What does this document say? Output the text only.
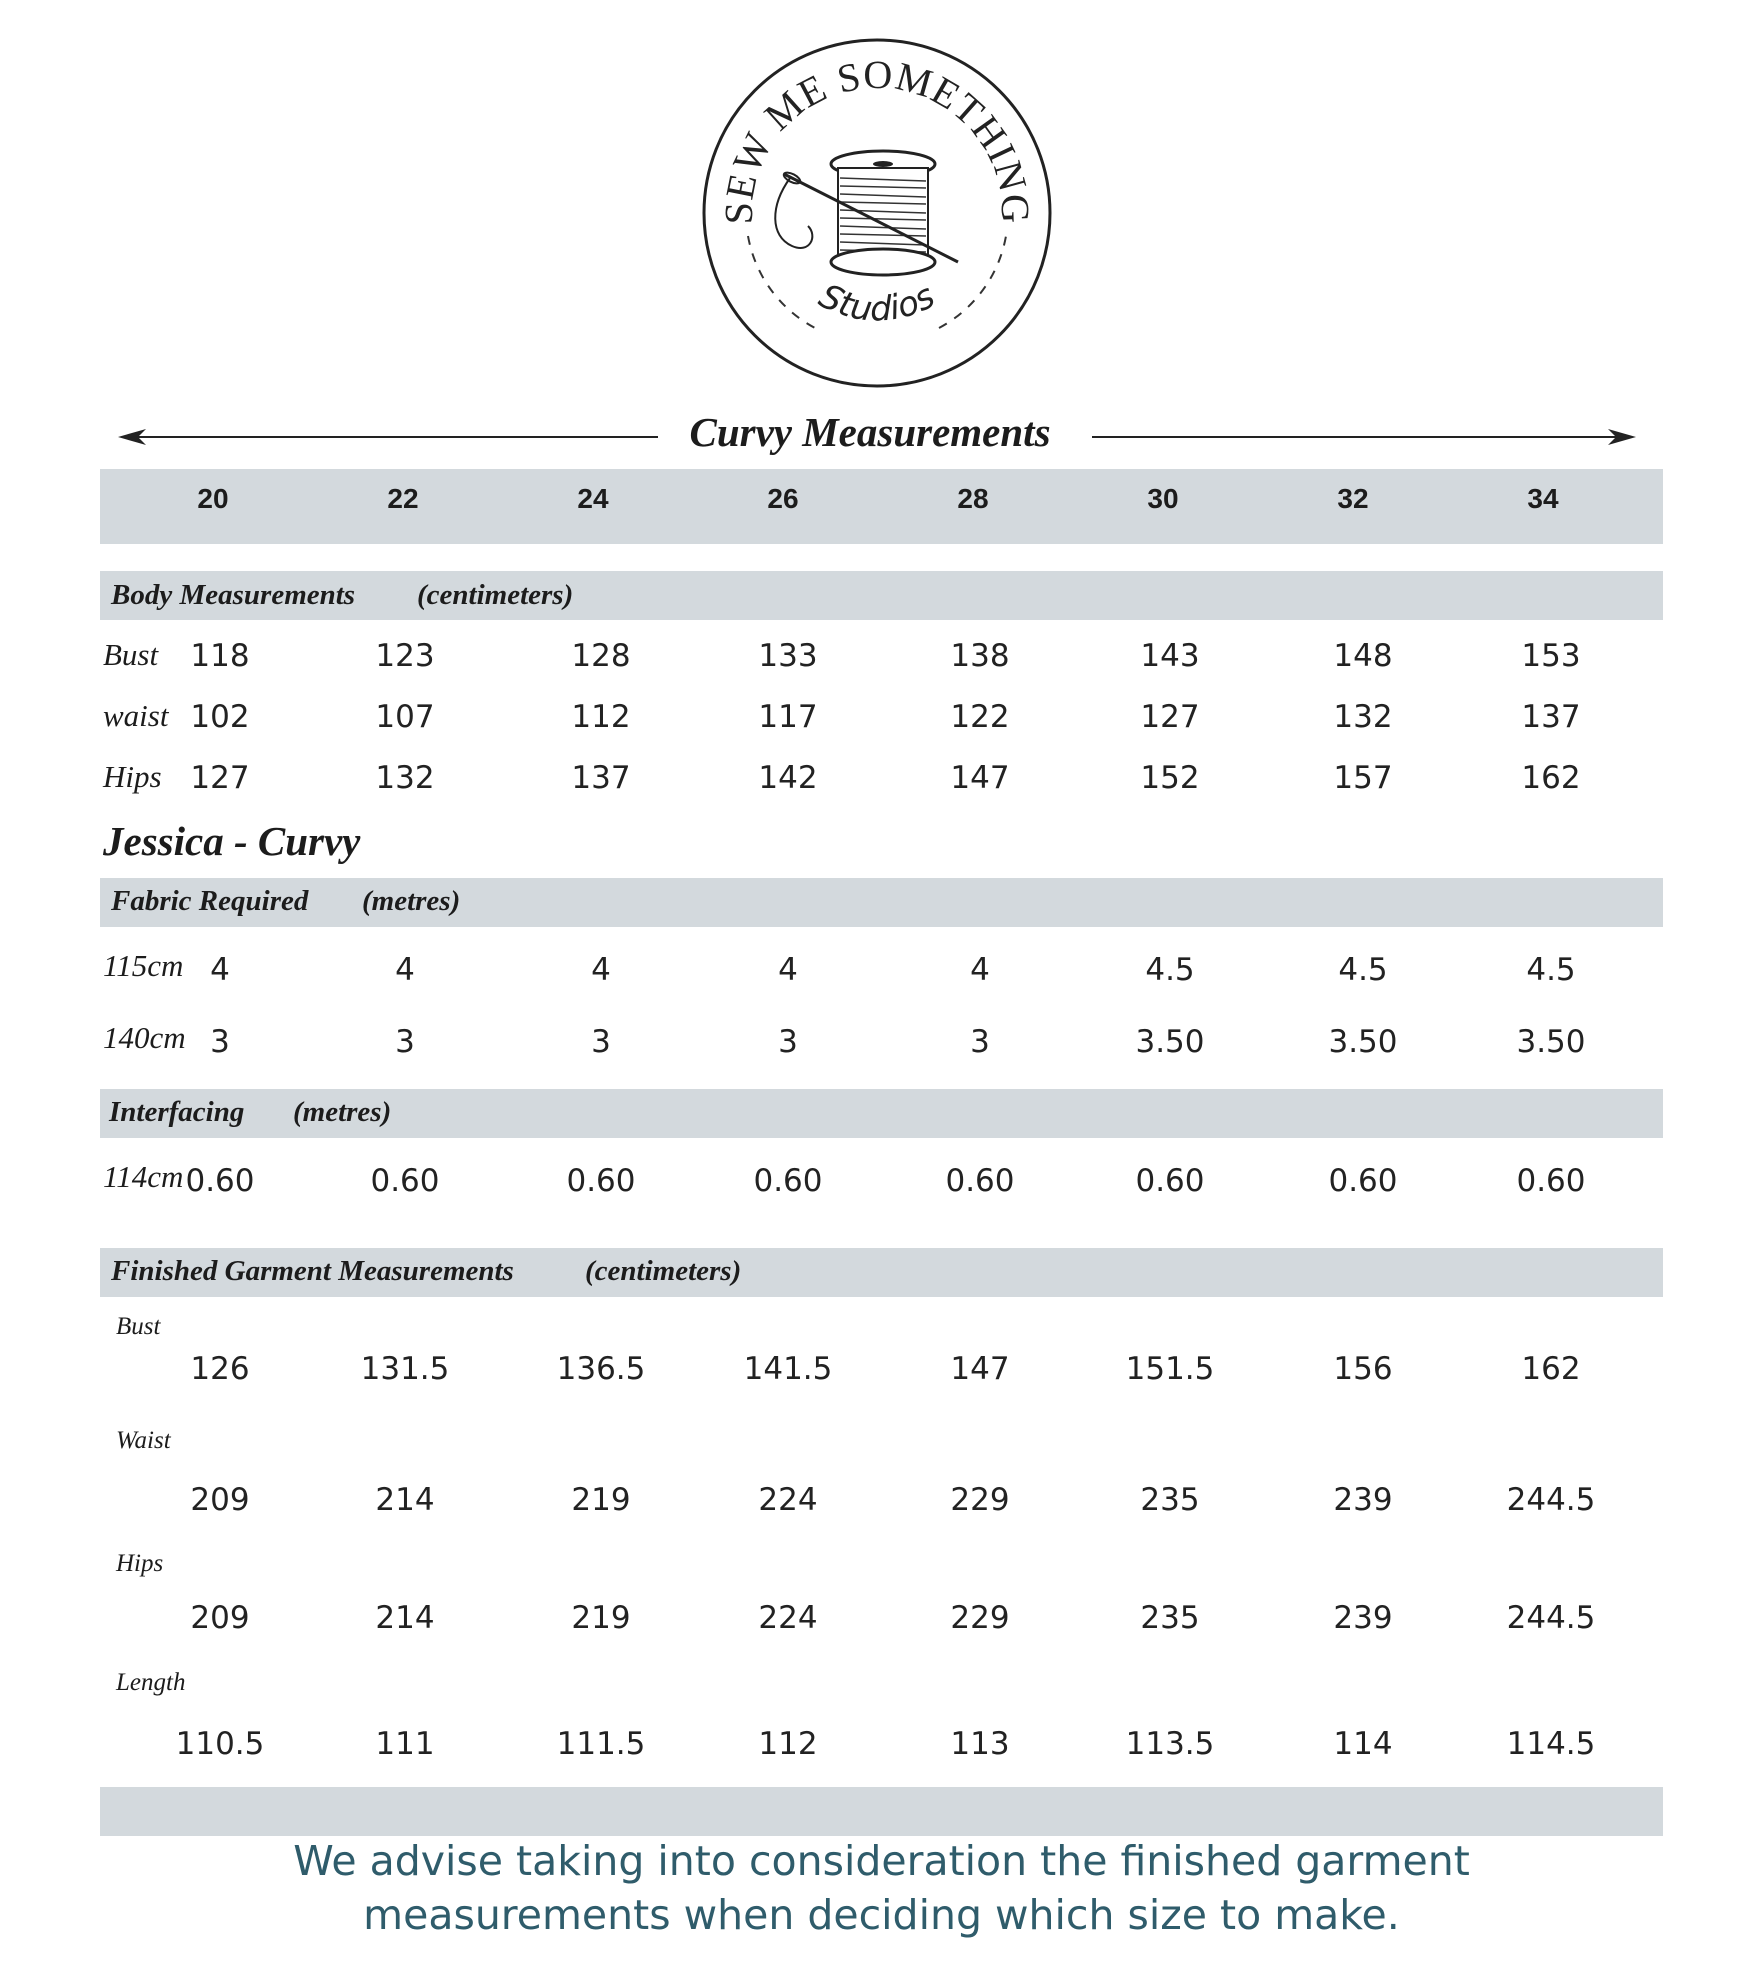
SEW ME SOMETHING
Studios
Curvy Measurements
20	22	24	26	28	30	32	34
Body Measurements (centimeters)
Bust 118	123	128	133	138	143	148	153
waist 102	107	112	117	122	127	132	137
Hips 127	132	137	142	147	152	157	162
Jessica - Curvy
Fabric Required (metres)
115cm 4	4	4	4	4	4.5	4.5	4.5
140cm 3	3	3	3	3	3.50	3.50	3.50
Interfacing (metres)
114cm 0.60	0.60	0.60	0.60	0.60	0.60	0.60	0.60
Finished Garment Measurements (centimeters)
Bust
126	131.5	136.5	141.5	147	151.5	156	162
Waist
209	214	219	224	229	235	239	244.5
Hips
209	214	219	224	229	235	239	244.5
Length
110.5	111	111.5	112	113	113.5	114	114.5
We advise taking into consideration the finished garment
measurements when deciding which size to make.
